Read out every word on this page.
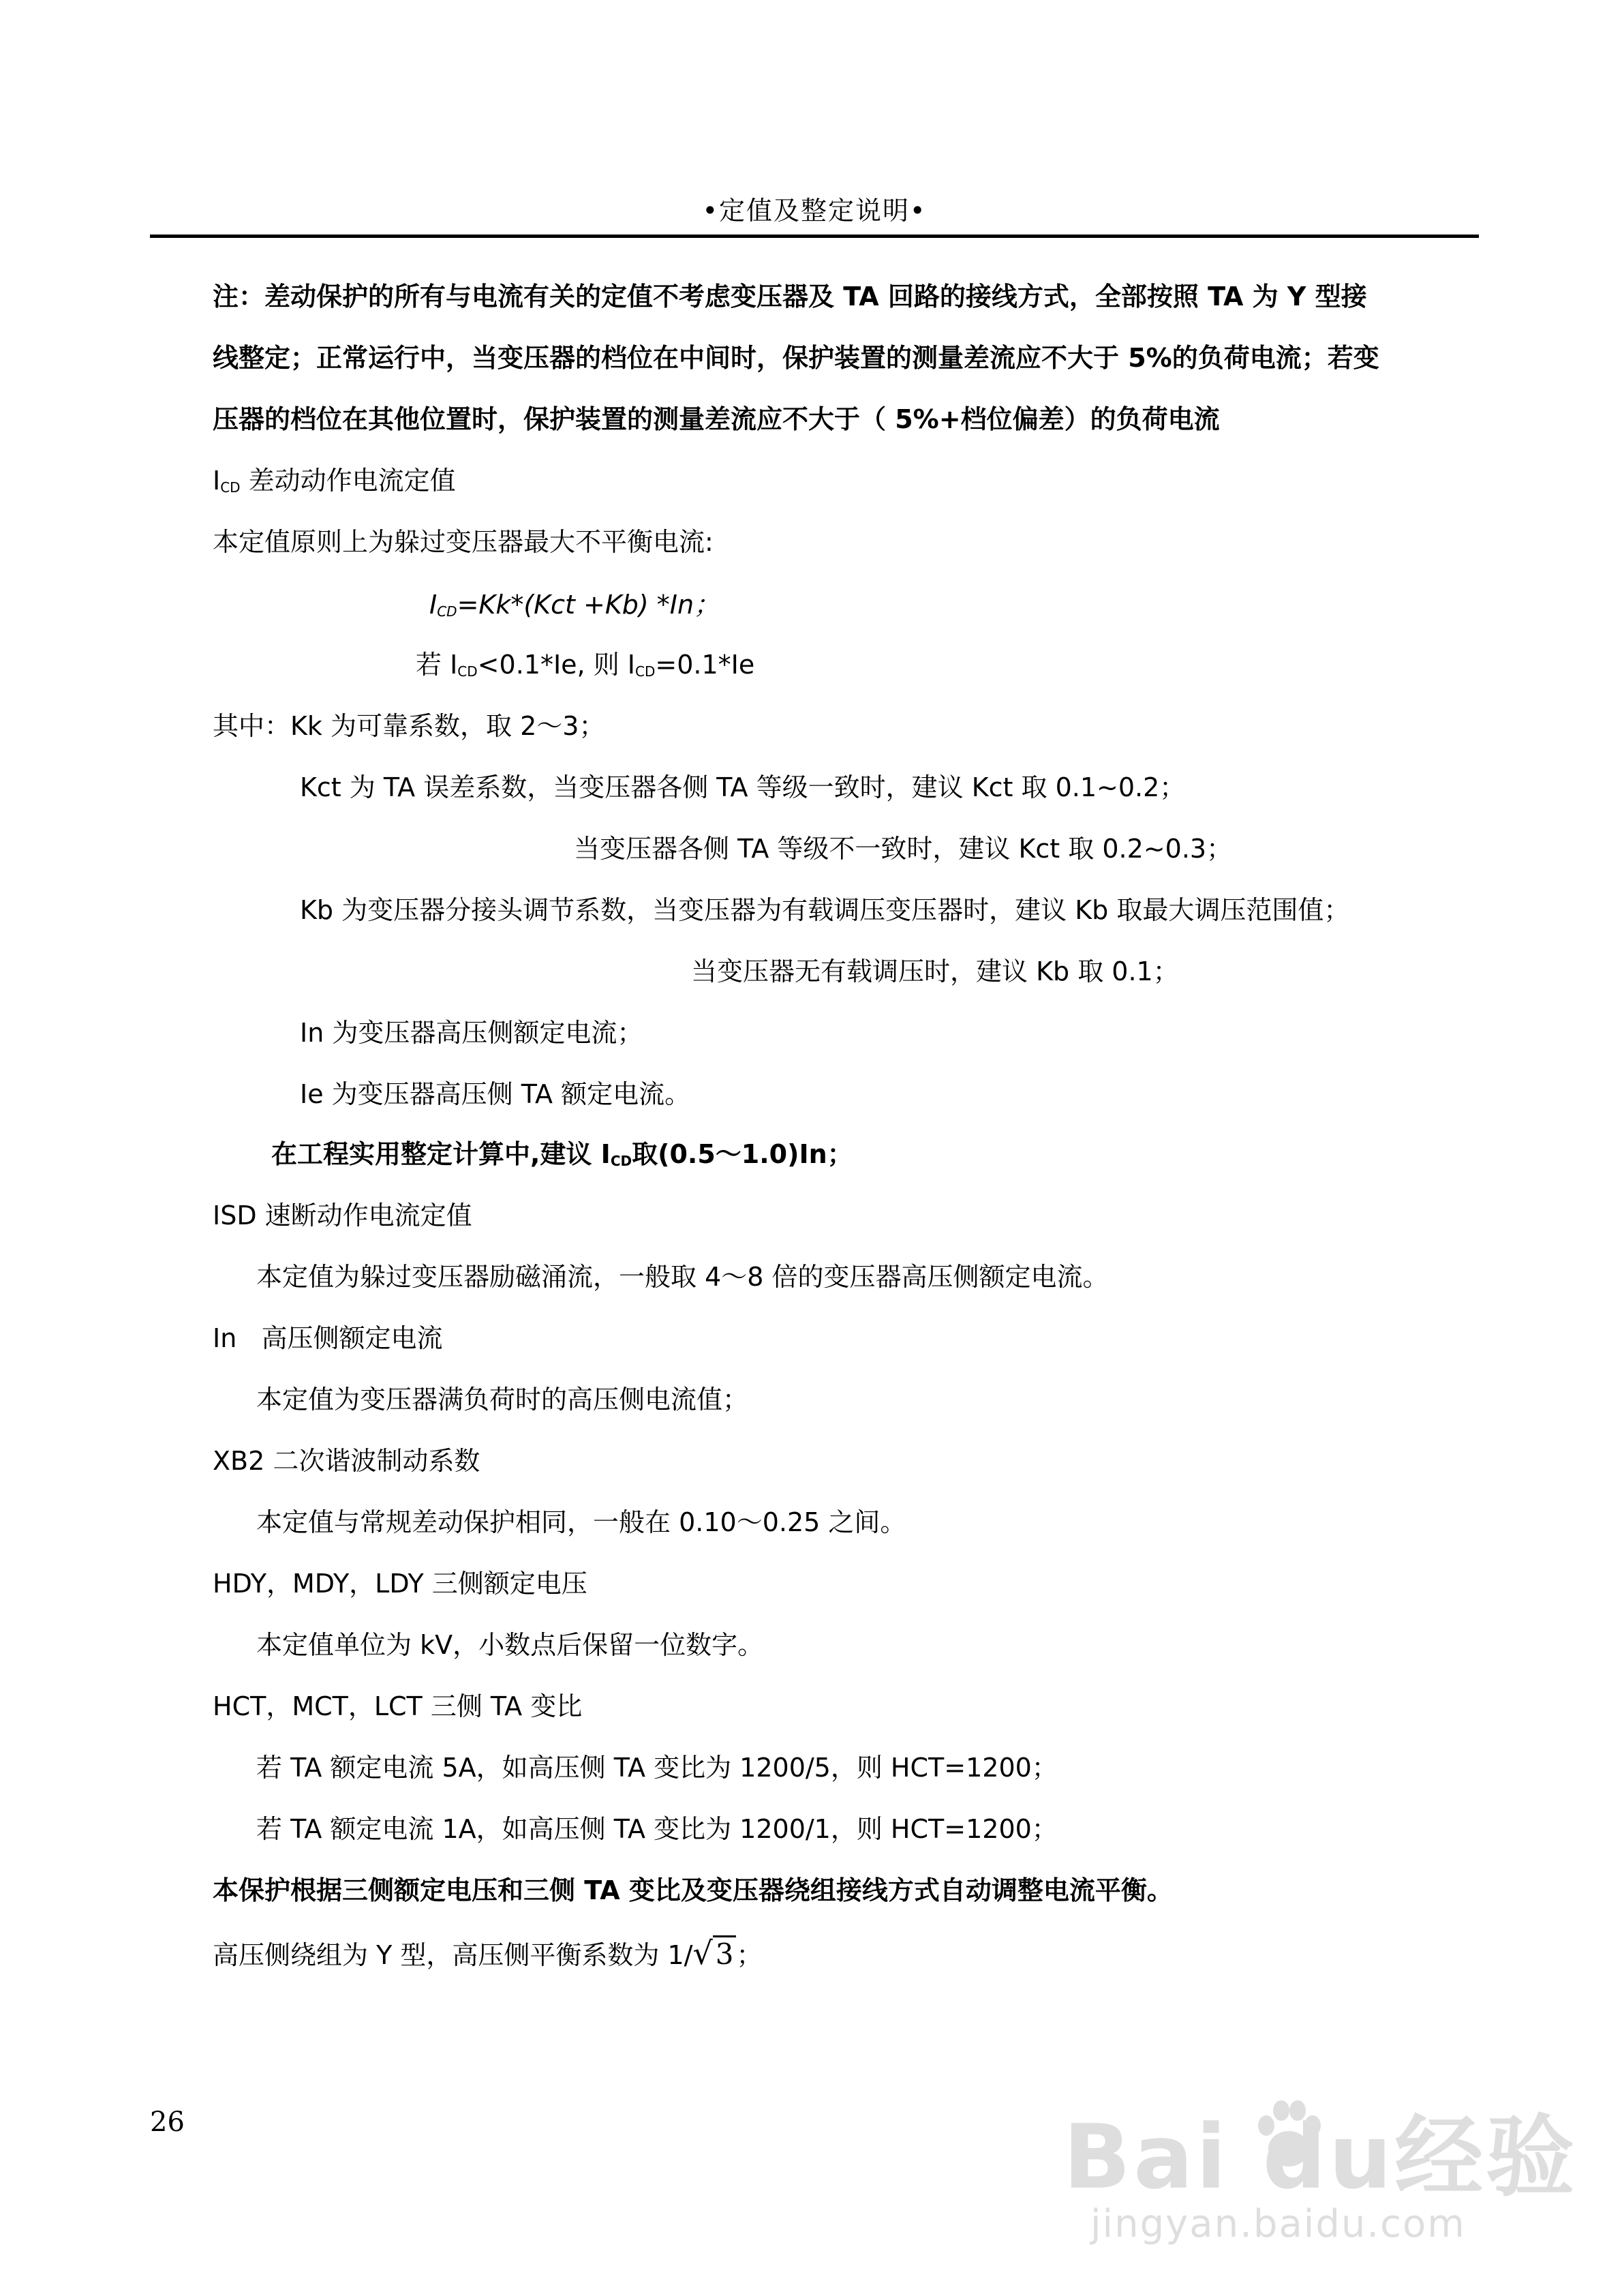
•定值及整定说明•
注：差动保护的所有与电流有关的定值不考虑变压器及 TA 回路的接线方式，全部按照 TA 为 Y 型接
线整定；正常运行中，当变压器的档位在中间时，保护装置的测量差流应不大于 5%的负荷电流；若变
压器的档位在其他位置时，保护装置的测量差流应不大于（ 5%+档位偏差）的负荷电流
$I_{CD}$ 差动动作电流定值
本定值原则上为躲过变压器最大不平衡电流:
$I_{CD}=Kk*(Kct +Kb)$ *In；
若 $I_{CD}<0.1*Ie$, 则 $I_{CD}=0.1*Ie$
其中：Kk 为可靠系数，取 2～3；
Kct 为 TA 误差系数，当变压器各侧 TA 等级一致时，建议 Kct 取 0.1~0.2；
当变压器各侧 TA 等级不一致时，建议 Kct 取 0.2~0.3；
Kb 为变压器分接头调节系数，当变压器为有载调压变压器时，建议 Kb 取最大调压范围值；
当变压器无有载调压时，建议 Kb 取 0.1；
In 为变压器高压侧额定电流；
Ie 为变压器高压侧 TA 额定电流。
在工程实用整定计算中,建议 $I_{CD}$取(0.5～1.0)In；
ISD 速断动作电流定值
本定值为躲过变压器励磁涌流，一般取 4～8 倍的变压器高压侧额定电流。
In   高压侧额定电流
本定值为变压器满负荷时的高压侧电流值；
XB2 二次谐波制动系数
本定值与常规差动保护相同，一般在 0.10～0.25 之间。
HDY，MDY，LDY 三侧额定电压
本定值单位为 kV，小数点后保留一位数字。
HCT，MCT，LCT 三侧 TA 变比
若 TA 额定电流 5A，如高压侧 TA 变比为 1200/5，则 HCT=1200；
若 TA 额定电流 1A，如高压侧 TA 变比为 1200/1，则 HCT=1200；
本保护根据三侧额定电压和三侧 TA 变比及变压器绕组接线方式自动调整电流平衡。
高压侧绕组为 Y 型，高压侧平衡系数为 1/√3 ；
26	Bai du经验
jingyan.baidu.com
